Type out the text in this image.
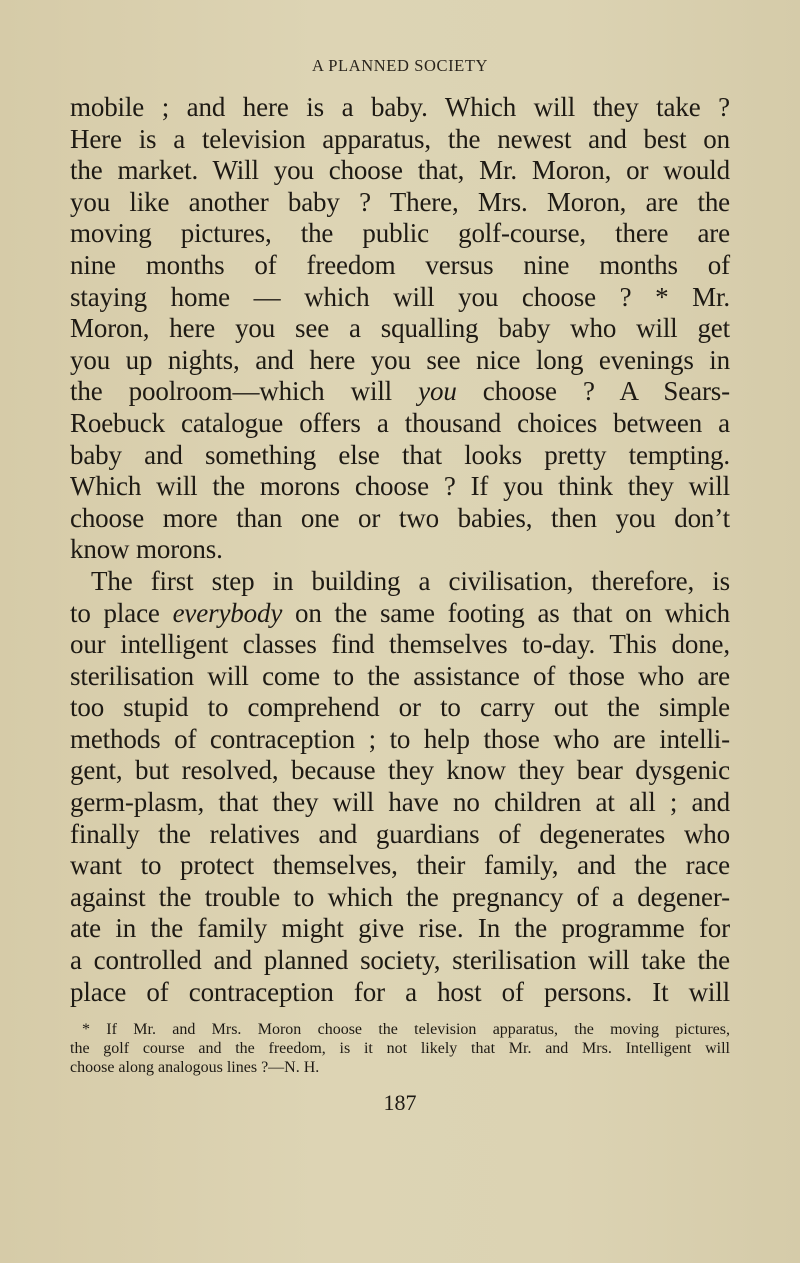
A PLANNED SOCIETY
mobile ; and here is a baby. Which will they take ?
Here is a television apparatus, the newest and best on
the market. Will you choose that, Mr. Moron, or would
you like another baby ? There, Mrs. Moron, are the
moving pictures, the public golf-course, there are
nine months of freedom versus nine months of
staying home — which will you choose ? * Mr.
Moron, here you see a squalling baby who will get
you up nights, and here you see nice long evenings in
the poolroom—which will you choose ? A Sears-
Roebuck catalogue offers a thousand choices between a
baby and something else that looks pretty tempting.
Which will the morons choose ? If you think they will
choose more than one or two babies, then you don’t
know morons.
The first step in building a civilisation, therefore, is
to place everybody on the same footing as that on which
our intelligent classes find themselves to-day. This done,
sterilisation will come to the assistance of those who are
too stupid to comprehend or to carry out the simple
methods of contraception ; to help those who are intelli-
gent, but resolved, because they know they bear dysgenic
germ-plasm, that they will have no children at all ; and
finally the relatives and guardians of degenerates who
want to protect themselves, their family, and the race
against the trouble to which the pregnancy of a degener-
ate in the family might give rise. In the programme for
a controlled and planned society, sterilisation will take the
place of contraception for a host of persons. It will
* If Mr. and Mrs. Moron choose the television apparatus, the moving pictures,
the golf course and the freedom, is it not likely that Mr. and Mrs. Intelligent will
choose along analogous lines ?—N. H.
187
